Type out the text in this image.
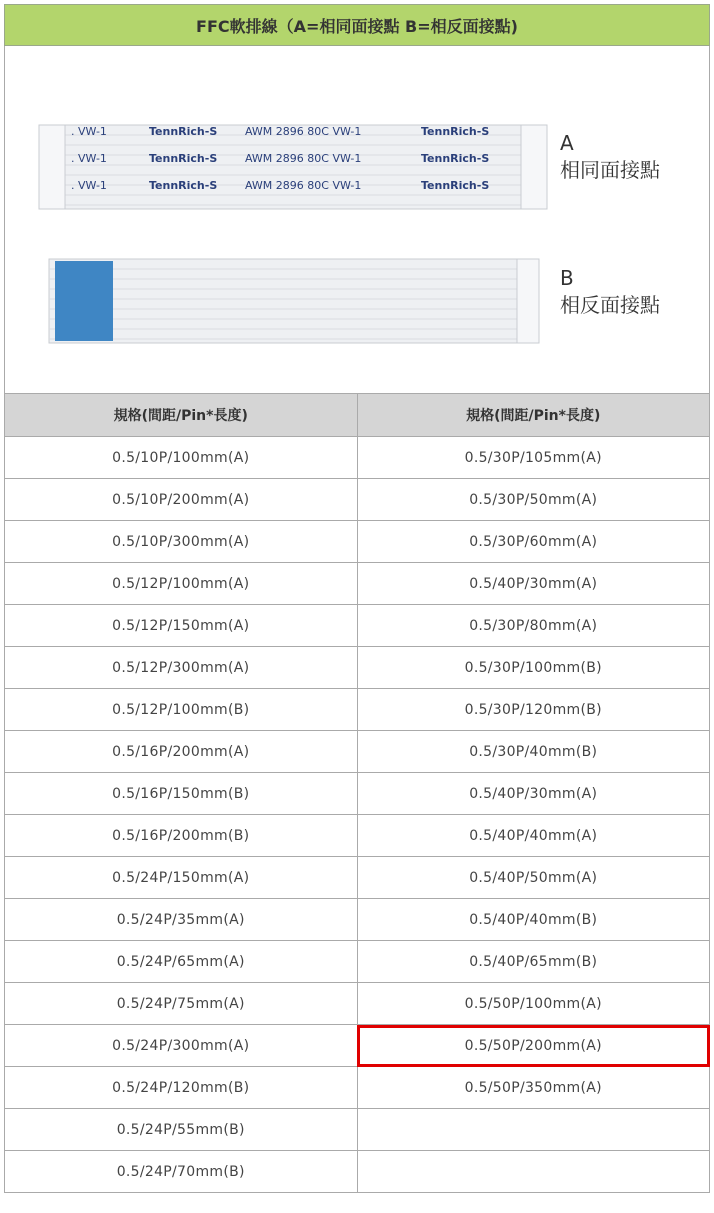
FFC軟排線（A=相同面接點 B=相反面接點)
. VW-1	TennRich-S	AWM 2896 80C VW-1	TennRich-S
. VW-1	TennRich-S	AWM 2896 80C VW-1	TennRich-S
. VW-1	TennRich-S	AWM 2896 80C VW-1	TennRich-S	A
相同面接點
B
相反面接點
規格(間距/Pin*長度)	規格(間距/Pin*長度)
0.5/10P/100mm(A)	0.5/30P/105mm(A)
0.5/10P/200mm(A)	0.5/30P/50mm(A)
0.5/10P/300mm(A)	0.5/30P/60mm(A)
0.5/12P/100mm(A)	0.5/40P/30mm(A)
0.5/12P/150mm(A)	0.5/30P/80mm(A)
0.5/12P/300mm(A)	0.5/30P/100mm(B)
0.5/12P/100mm(B)	0.5/30P/120mm(B)
0.5/16P/200mm(A)	0.5/30P/40mm(B)
0.5/16P/150mm(B)	0.5/40P/30mm(A)
0.5/16P/200mm(B)	0.5/40P/40mm(A)
0.5/24P/150mm(A)	0.5/40P/50mm(A)
0.5/24P/35mm(A)	0.5/40P/40mm(B)
0.5/24P/65mm(A)	0.5/40P/65mm(B)
0.5/24P/75mm(A)	0.5/50P/100mm(A)
0.5/24P/300mm(A)	0.5/50P/200mm(A)
0.5/24P/120mm(B)	0.5/50P/350mm(A)
0.5/24P/55mm(B)	
0.5/24P/70mm(B)	
